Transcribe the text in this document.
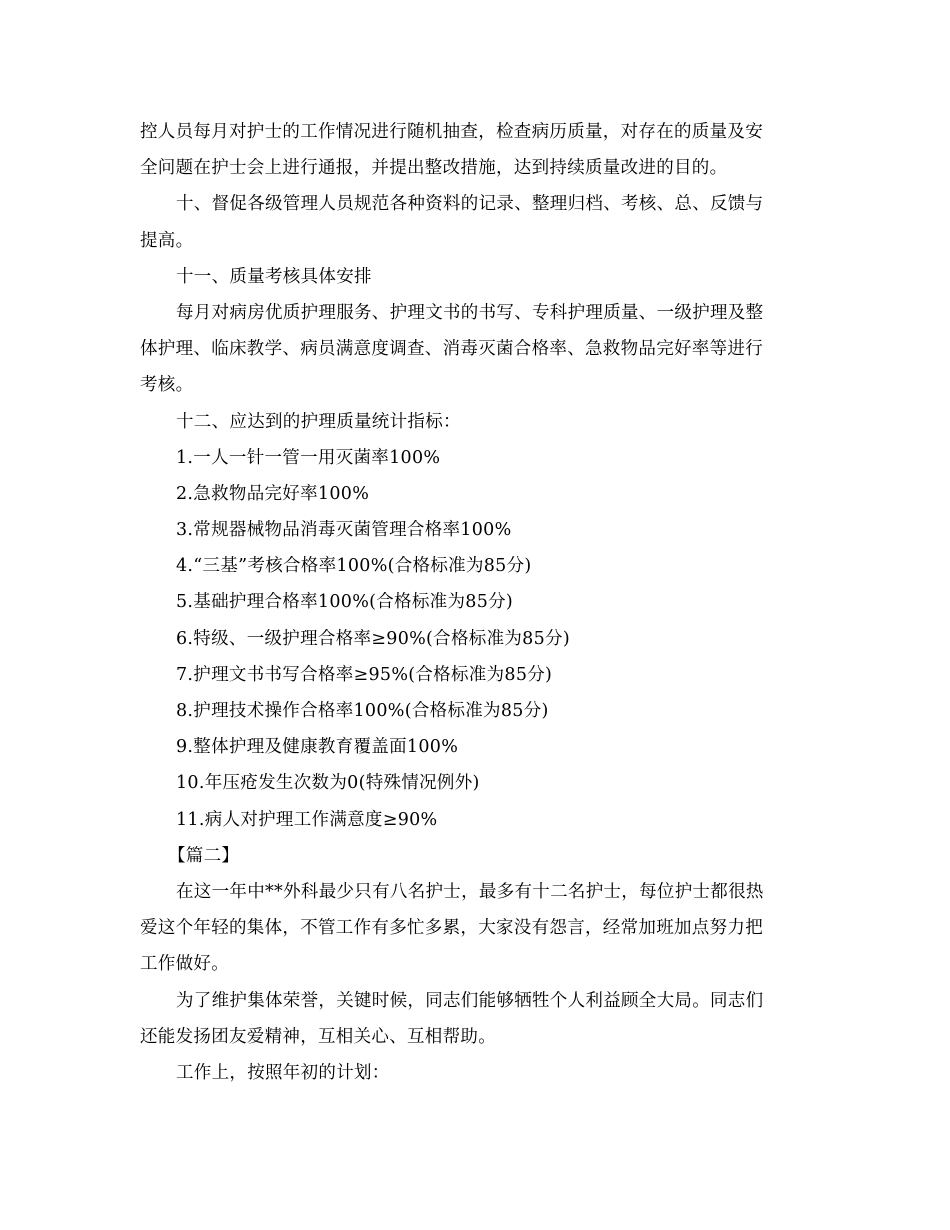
控人员每月对护士的工作情况进行随机抽查，检查病历质量，对存在的质量及安
全问题在护士会上进行通报，并提出整改措施，达到持续质量改进的目的。
十、督促各级管理人员规范各种资料的记录、整理归档、考核、总、反馈与
提高。
十一、质量考核具体安排
每月对病房优质护理服务、护理文书的书写、专科护理质量、一级护理及整
体护理、临床教学、病员满意度调查、消毒灭菌合格率、急救物品完好率等进行
考核。
十二、应达到的护理质量统计指标：
1.一人一针一管一用灭菌率100%
2.急救物品完好率100%
3.常规器械物品消毒灭菌管理合格率100%
4.“三基”考核合格率100%(合格标准为85分)
5.基础护理合格率100%(合格标准为85分)
6.特级、一级护理合格率≥90%(合格标准为85分)
7.护理文书书写合格率≥95%(合格标准为85分)
8.护理技术操作合格率100%(合格标准为85分)
9.整体护理及健康教育覆盖面100%
10.年压疮发生次数为0(特殊情况例外)
11.病人对护理工作满意度≥90%
【篇二】
在这一年中**外科最少只有八名护士，最多有十二名护士，每位护士都很热
爱这个年轻的集体，不管工作有多忙多累，大家没有怨言，经常加班加点努力把
工作做好。
为了维护集体荣誉，关键时候，同志们能够牺牲个人利益顾全大局。同志们
还能发扬团友爱精神，互相关心、互相帮助。
工作上，按照年初的计划：
